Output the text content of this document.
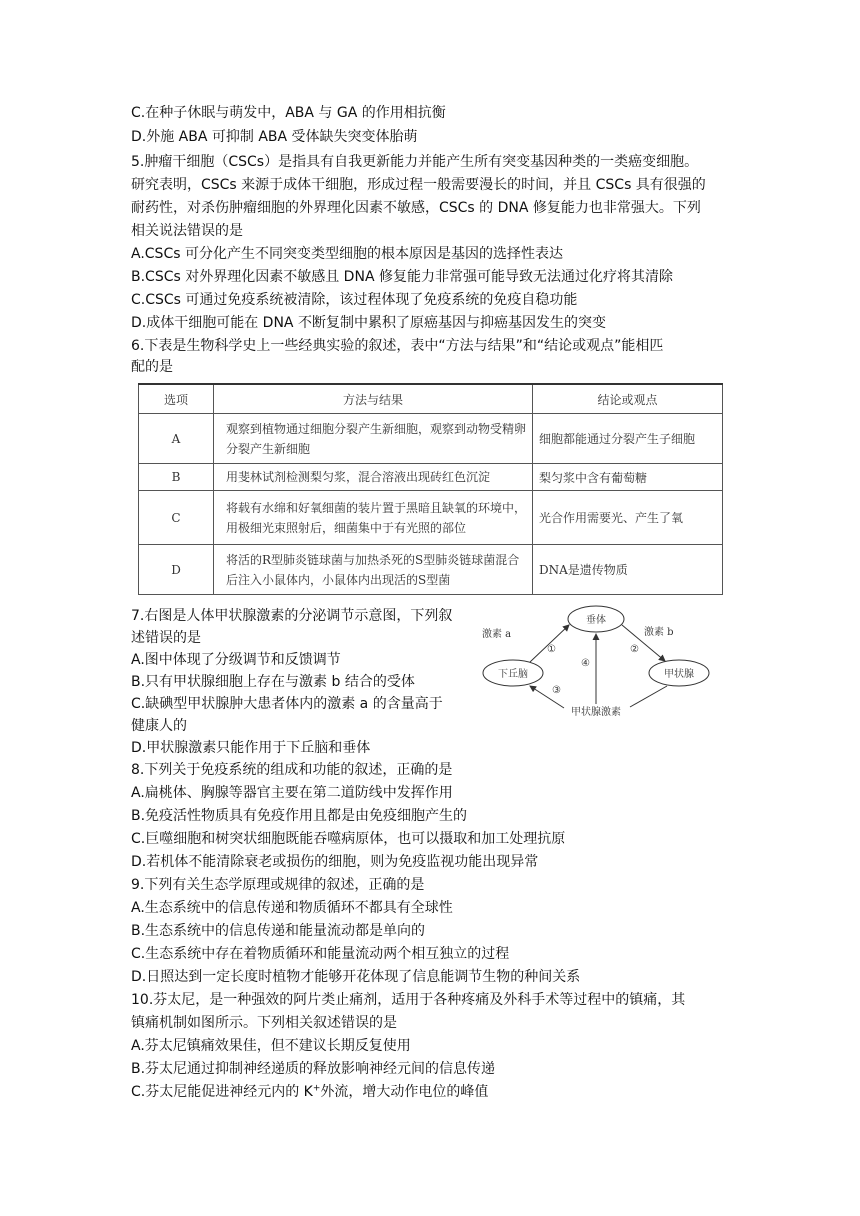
C.在种子休眠与萌发中，ABA 与 GA 的作用相抗衡
D.外施 ABA 可抑制 ABA 受体缺失突变体胎萌
5.肿瘤干细胞（CSCs）是指具有自我更新能力并能产生所有突变基因种类的一类癌变细胞。
研究表明，CSCs 来源于成体干细胞，形成过程一般需要漫长的时间，并且 CSCs 具有很强的
耐药性，对杀伤肿瘤细胞的外界理化因素不敏感，CSCs 的 DNA 修复能力也非常强大。下列
相关说法错误的是
A.CSCs 可分化产生不同突变类型细胞的根本原因是基因的选择性表达
B.CSCs 对外界理化因素不敏感且 DNA 修复能力非常强可能导致无法通过化疗将其清除
C.CSCs 可通过免疫系统被清除，该过程体现了免疫系统的免疫自稳功能
D.成体干细胞可能在 DNA 不断复制中累积了原癌基因与抑癌基因发生的突变
6.下表是生物科学史上一些经典实验的叙述，表中“方法与结果”和“结论或观点”能相匹
配的是
选项	方法与结果	结论或观点
A	观察到植物通过细胞分裂产生新细胞，观察到动物受精卵分裂产生新细胞	细胞都能通过分裂产生子细胞
B	用斐林试剂检测梨匀浆，混合溶液出现砖红色沉淀	梨匀浆中含有葡萄糖
C	将载有水绵和好氧细菌的装片置于黑暗且缺氧的环境中，用极细光束照射后，细菌集中于有光照的部位	光合作用需要光、产生了氧
D	将活的R型肺炎链球菌与加热杀死的S型肺炎链球菌混合后注入小鼠体内，小鼠体内出现活的S型菌	DNA是遗传物质
7.右图是人体甲状腺激素的分泌调节示意图，下列叙
述错误的是
A.图中体现了分级调节和反馈调节
B.只有甲状腺细胞上存在与激素 b 结合的受体
C.缺碘型甲状腺肿大患者体内的激素 a 的含量高于
健康人的
D.甲状腺激素只能作用于下丘脑和垂体
垂体
下丘脑	甲状腺
甲状腺激素
激素 a	激素 b
①	②
③
④
8.下列关于免疫系统的组成和功能的叙述，正确的是
A.扁桃体、胸腺等器官主要在第二道防线中发挥作用
B.免疫活性物质具有免疫作用且都是由免疫细胞产生的
C.巨噬细胞和树突状细胞既能吞噬病原体，也可以摄取和加工处理抗原
D.若机体不能清除衰老或损伤的细胞，则为免疫监视功能出现异常
9.下列有关生态学原理或规律的叙述，正确的是
A.生态系统中的信息传递和物质循环不都具有全球性
B.生态系统中的信息传递和能量流动都是单向的
C.生态系统中存在着物质循环和能量流动两个相互独立的过程
D.日照达到一定长度时植物才能够开花体现了信息能调节生物的种间关系
10.芬太尼，是一种强效的阿片类止痛剂，适用于各种疼痛及外科手术等过程中的镇痛，其
镇痛机制如图所示。下列相关叙述错误的是
A.芬太尼镇痛效果佳，但不建议长期反复使用
B.芬太尼通过抑制神经递质的释放影响神经元间的信息传递
C.芬太尼能促进神经元内的 K+外流，增大动作电位的峰值
